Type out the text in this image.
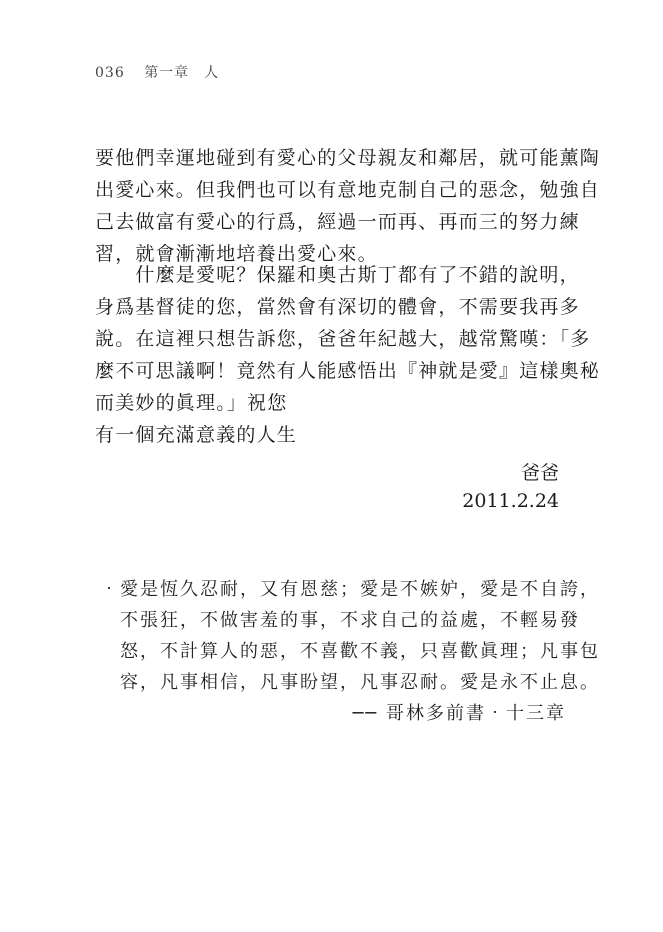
036 第一章　人
要他們幸運地碰到有愛心的父母親友和鄰居，就可能薰陶
出愛心來。但我們也可以有意地克制自己的惡念，勉強自
己去做富有愛心的行爲，經過一而再、再而三的努力練
習，就會漸漸地培養出愛心來。
　　什麼是愛呢？保羅和奧古斯丁都有了不錯的說明，
身爲基督徒的您，當然會有深切的體會，不需要我再多
說。在這裡只想告訴您，爸爸年紀越大，越常驚嘆：「多
麼不可思議啊！竟然有人能感悟出『神就是愛』這樣奧秘
而美妙的眞理。」祝您
有一個充滿意義的人生
爸爸
2011.2.24
‧愛是恆久忍耐，又有恩慈；愛是不嫉妒，愛是不自誇，
　不張狂，不做害羞的事，不求自己的益處，不輕易發
　怒，不計算人的惡，不喜歡不義，只喜歡眞理；凡事包
　容，凡事相信，凡事盼望，凡事忍耐。愛是永不止息。
── 哥林多前書‧十三章
